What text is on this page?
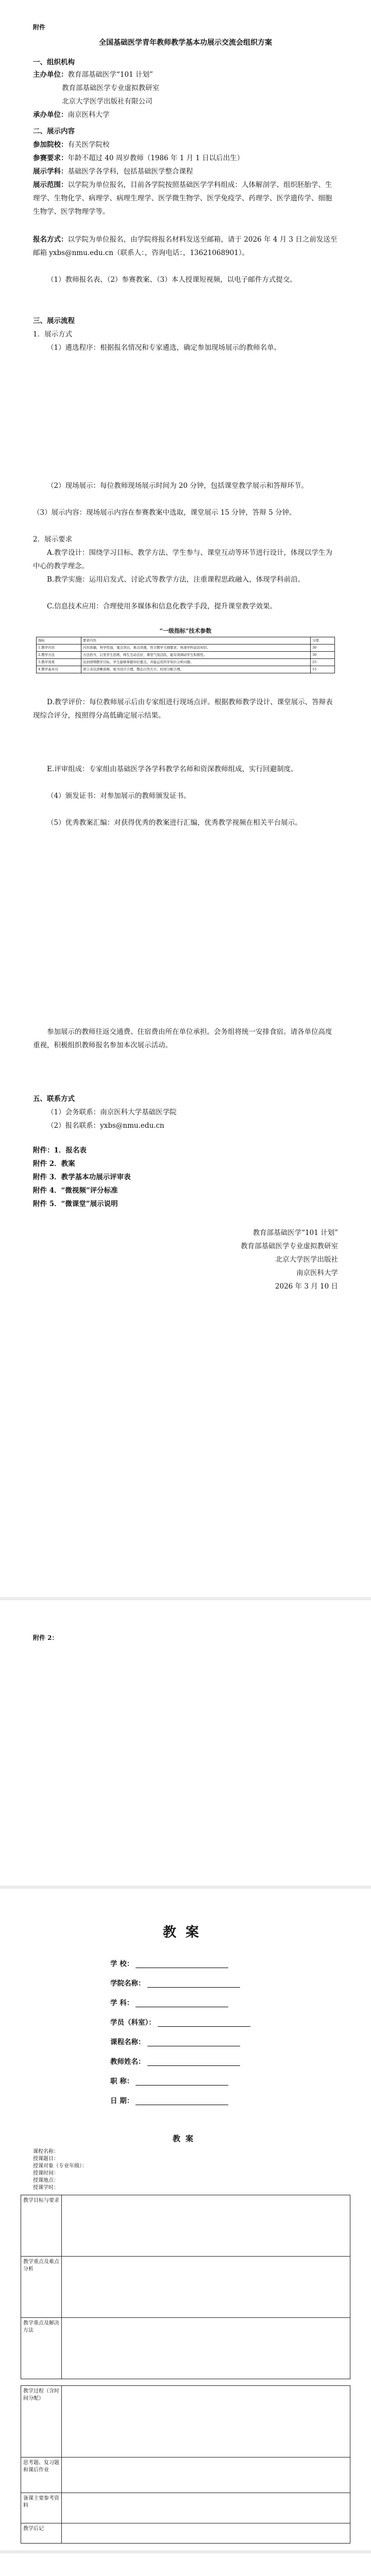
附件
全国基础医学青年教师教学基本功展示交流会组织方案
一、组织机构
主办单位：教育部基础医学“101 计划”
教育部基础医学专业虚拟教研室
北京大学医学出版社有限公司
承办单位：南京医科大学
二、展示内容
参加院校：有关医学院校
参赛要求：年龄不超过 40 周岁教师（1986 年 1 月 1 日以后出生）
展示学科：基础医学各学科，包括基础医学整合课程
展示范围：以学院为单位报名，目前各学院按照基础医学学科组成：人体解剖学、组织胚胎学、生理学、生物化学、病理学、病理生理学、医学微生物学、医学免疫学、药理学、医学遗传学、细胞生物学、医学物理学等。
报名方式：以学院为单位报名，由学院将报名材料发送至邮箱，请于 2026 年 4 月 3 日之前发送至邮箱 yxbs@nmu.edu.cn（联系人：，咨询电话：，13621068901）。
（1）教师报名表、（2）参赛教案、（3）本人授课短视频，以电子邮件方式提交。
三、展示流程
1．展示方式
（1）遴选程序：根据报名情况和专家遴选，确定参加现场展示的教师名单。
（2）现场展示：每位教师现场展示时间为 20 分钟，包括课堂教学展示和答辩环节。
（3）展示内容：现场展示内容在参赛教案中选取，课堂展示 15 分钟，答辩 5 分钟。
2．展示要求
A.教学设计：围绕学习目标、教学方法、学生参与、课堂互动等环节进行设计，体现以学生为中心的教学理念。
B.教学实施：运用启发式、讨论式等教学方法，注重课程思政融入，体现学科前沿。
C.信息技术应用：合理使用多媒体和信息化教学手段，提升课堂教学效果。
“一级指标”技术参数
指标	要求内容	分值
1.教学内容	内容准确，科学性强，重点突出，难点讲透，符合教学大纲要求，体现学科前沿知识。	30
2.教学方法	方法恰当，启发学生思维，师生互动良好，课堂气氛活跃，能有效调动学生积极性。	30
3.教学效果	达到预期教学目标，学生能够掌握知识要点，并能运用所学知识分析问题。	25
4.教学基本功	语言表达清晰流畅，板书设计合理，教态自然大方，时间分配合理。	15
D.教学评价：每位教师展示后由专家组进行现场点评。根据教师教学设计、课堂展示、答辩表现综合评分，按照得分高低确定展示结果。
E.评审组成：专家组由基础医学各学科教学名师和资深教师组成，实行回避制度。
（4）颁发证书：对参加展示的教师颁发证书。
（5）优秀教案汇编：对获得优秀的教案进行汇编，优秀教学视频在相关平台展示。
参加展示的教师往返交通费、住宿费由所在单位承担。会务组将统一安排食宿。请各单位高度重视，积极组织教师报名参加本次展示活动。
五、联系方式
（1）会务联系：南京医科大学基础医学院
（2）报名联系：yxbs@nmu.edu.cn
附件：1．报名表
附件 2．教案
附件 3．教学基本功展示评审表
附件 4．“微视频”评分标准
附件 5．“微课堂”展示说明
教育部基础医学“101 计划”
教育部基础医学专业虚拟教研室
北京大学医学出版社
南京医科大学
2026 年 3 月 10 日
附件 2：
教案
学 校：
学院名称：
学 科：
学员（科室）：
课程名称：
教师姓名：
职 称：
日 期：
教案
课程名称：
授课题目：
授课对象（专业年级）：
授课时间：
授课地点：
授课学时：
教学目标与要求	
教学重点及难点分析	
教学重点及解决方法	
教学过程（含时间分配）	
思考题、复习题和课后作业	
备课主要参考资料	
教学后记	
